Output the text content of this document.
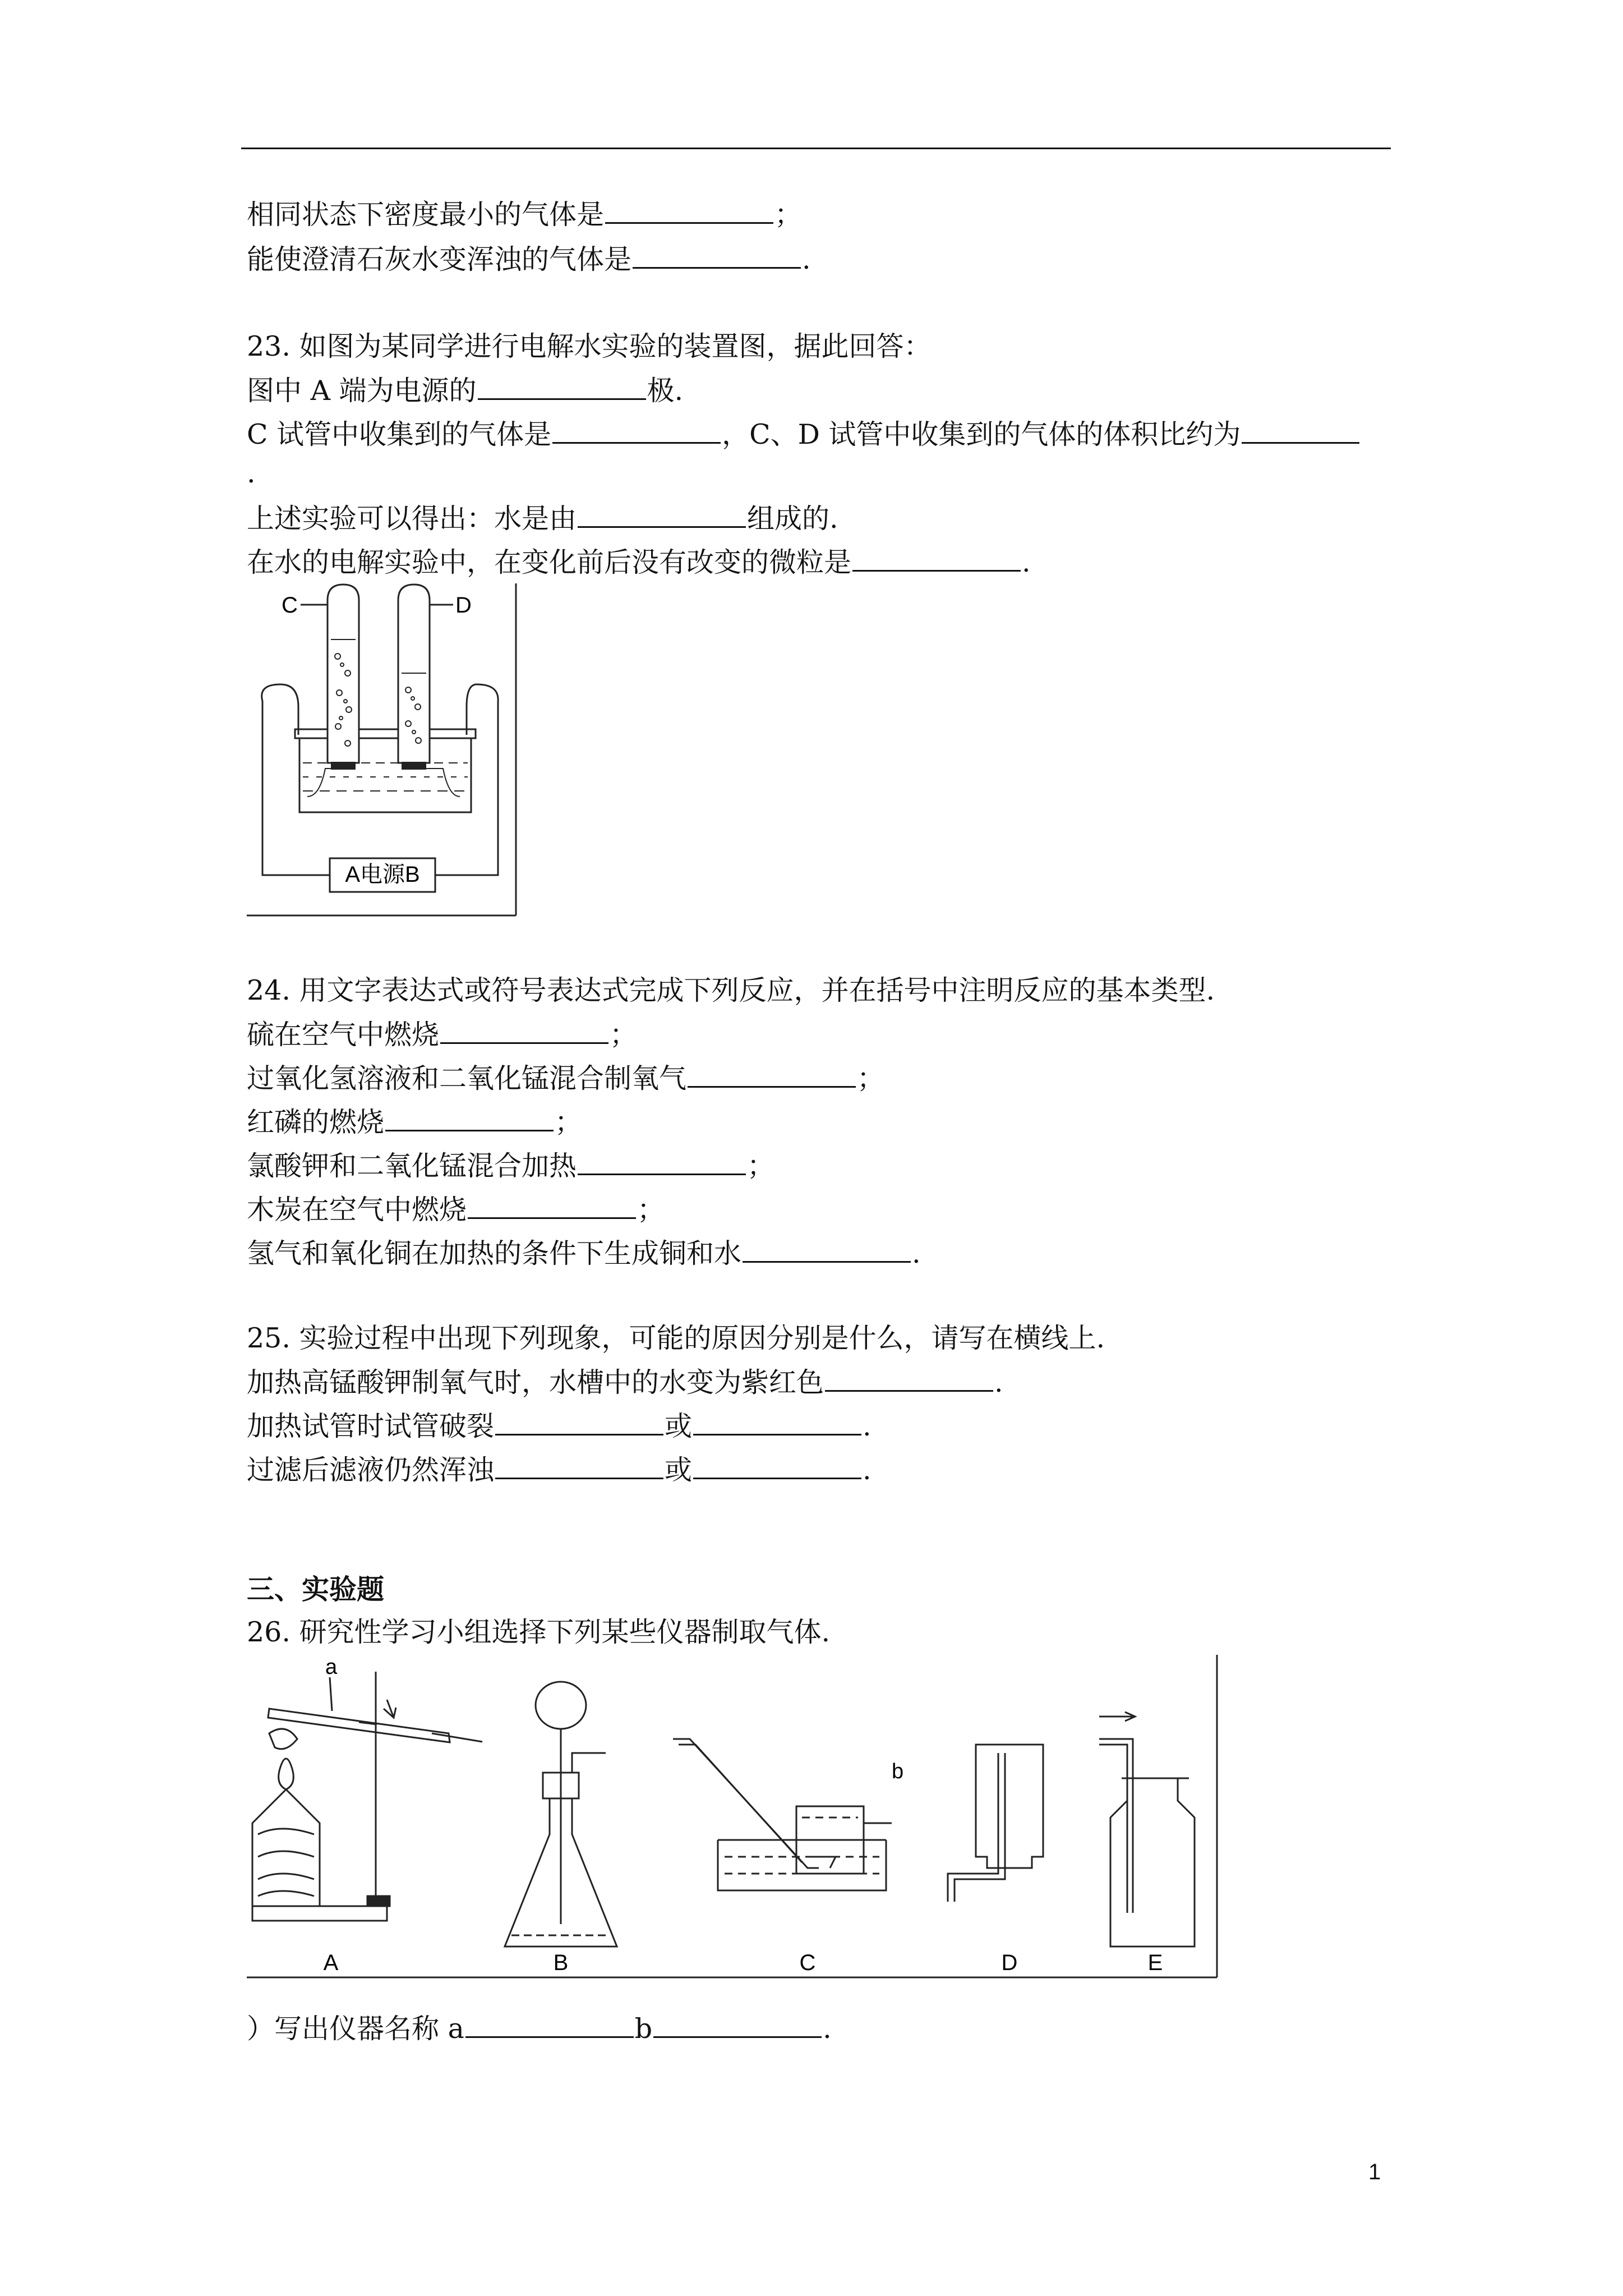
相同状态下密度最小的气体是	；
能使澄清石灰水变浑浊的气体是	.
23. 如图为某同学进行电解水实验的装置图，据此回答：
图中 A 端为电源的	极.
C 试管中收集到的气体是	，C、D 试管中收集到的气体的体积比约为
.
上述实验可以得出：水是由	组成的.
在水的电解实验中，在变化前后没有改变的微粒是	.
A电源B
C	D
24. 用文字表达式或符号表达式完成下列反应，并在括号中注明反应的基本类型.
硫在空气中燃烧	；
过氧化氢溶液和二氧化锰混合制氧气	；
红磷的燃烧	；
氯酸钾和二氧化锰混合加热	；
木炭在空气中燃烧	；
氢气和氧化铜在加热的条件下生成铜和水	.
25. 实验过程中出现下列现象，可能的原因分别是什么，请写在横线上.
加热高锰酸钾制氧气时，水槽中的水变为紫红色	.
加热试管时试管破裂	或	.
过滤后滤液仍然浑浊	或	.
三、实验题
26. 研究性学习小组选择下列某些仪器制取气体.
a
b
A	B	C	D	E
）写出仪器名称 a	b	.
1
